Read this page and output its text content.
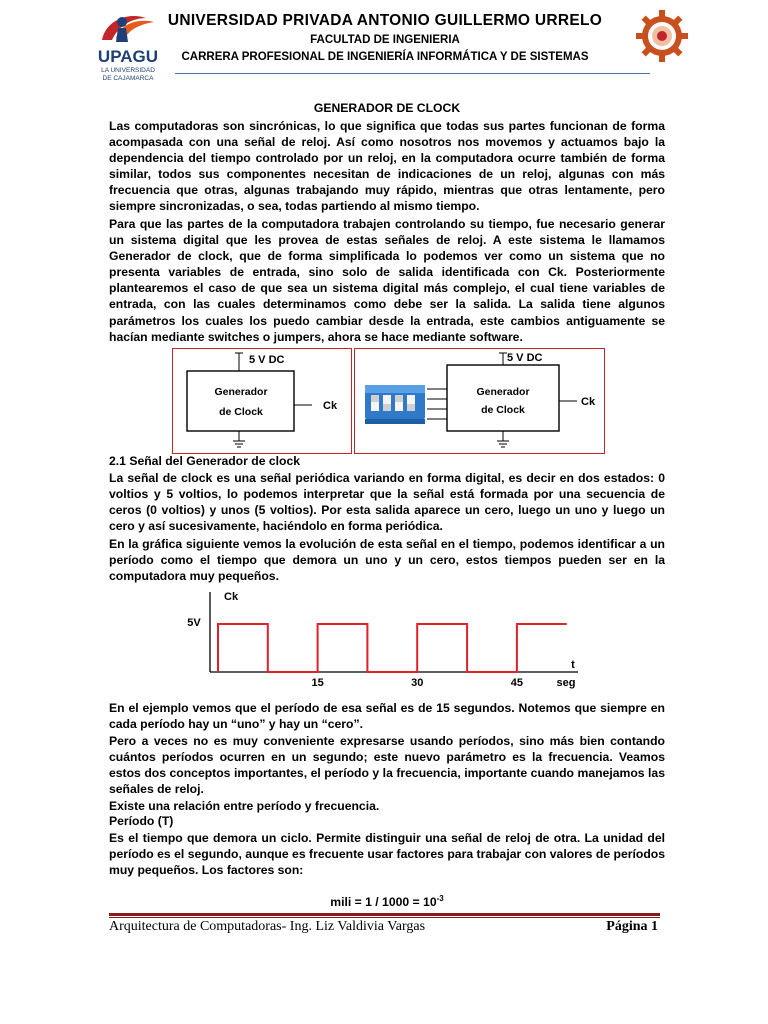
UPAGU
LA UNIVERSIDAD
DE CAJAMARCA
UNIVERSIDAD PRIVADA ANTONIO GUILLERMO URRELO
FACULTAD DE INGENIERIA
CARRERA PROFESIONAL DE INGENIERÍA INFORMÁTICA Y DE SISTEMAS
GENERADOR DE CLOCK
Las computadoras son sincrónicas, lo que significa que todas sus partes funcionan de forma acompasada con una señal de reloj. Así como nosotros nos movemos y actuamos bajo la dependencia del tiempo controlado por un reloj, en la computadora ocurre también de forma similar, todos sus componentes necesitan de indicaciones de un reloj, algunas con más frecuencia que otras, algunas trabajando muy rápido, mientras que otras lentamente, pero siempre sincronizadas, o sea, todas partiendo al mismo tiempo.
Para que las partes de la computadora trabajen controlando su tiempo, fue necesario generar un sistema digital que les provea de estas señales de reloj. A este sistema le llamamos Generador de clock, que de forma simplificada lo podemos ver como un sistema que no presenta variables de entrada, sino solo de salida identificada con Ck. Posteriormente plantearemos el caso de que sea un sistema digital más complejo, el cual tiene variables de entrada, con las cuales determinamos como debe ser la salida. La salida tiene algunos parámetros los cuales los puedo cambiar desde la entrada, este cambios antiguamente se hacían mediante switches o jumpers, ahora se hace mediante software.
5 V DC
Generador
de Clock	Ck
5 V DC
Generador
de Clock
Ck
2.1 Señal del Generador de clock
La señal de clock es una señal periódica variando en forma digital, es decir en dos estados: 0 voltios y 5 voltios, lo podemos interpretar que la señal está formada por una secuencia de ceros (0 voltios) y unos (5 voltios). Por esta salida aparece un cero, luego un uno y luego un cero y así sucesivamente, haciéndolo en forma periódica.
En la gráfica siguiente vemos la evolución de esta señal en el tiempo, podemos identificar a un período como el tiempo que demora un uno y un cero, estos tiempos pueden ser en la computadora muy pequeños.
Ck
5V
t
seg
15	30	45
En el ejemplo vemos que el período de esa señal es de 15 segundos. Notemos que siempre en cada período hay un “uno” y hay un “cero”.
Pero a veces no es muy conveniente expresarse usando períodos, sino más bien contando cuántos períodos ocurren en un segundo; este nuevo parámetro es la frecuencia. Veamos estos dos conceptos importantes, el período y la frecuencia, importante cuando manejamos las señales de reloj.
Existe una relación entre período y frecuencia.
Período (T)
Es el tiempo que demora un ciclo. Permite distinguir una señal de reloj de otra. La unidad del período es el segundo, aunque es frecuente usar factores para trabajar con valores de períodos muy pequeños. Los factores son:
mili = $1 / 1000 = 10^{-3}$
Arquitectura de Computadoras- Ing. Liz Valdivia Vargas	Página 1
